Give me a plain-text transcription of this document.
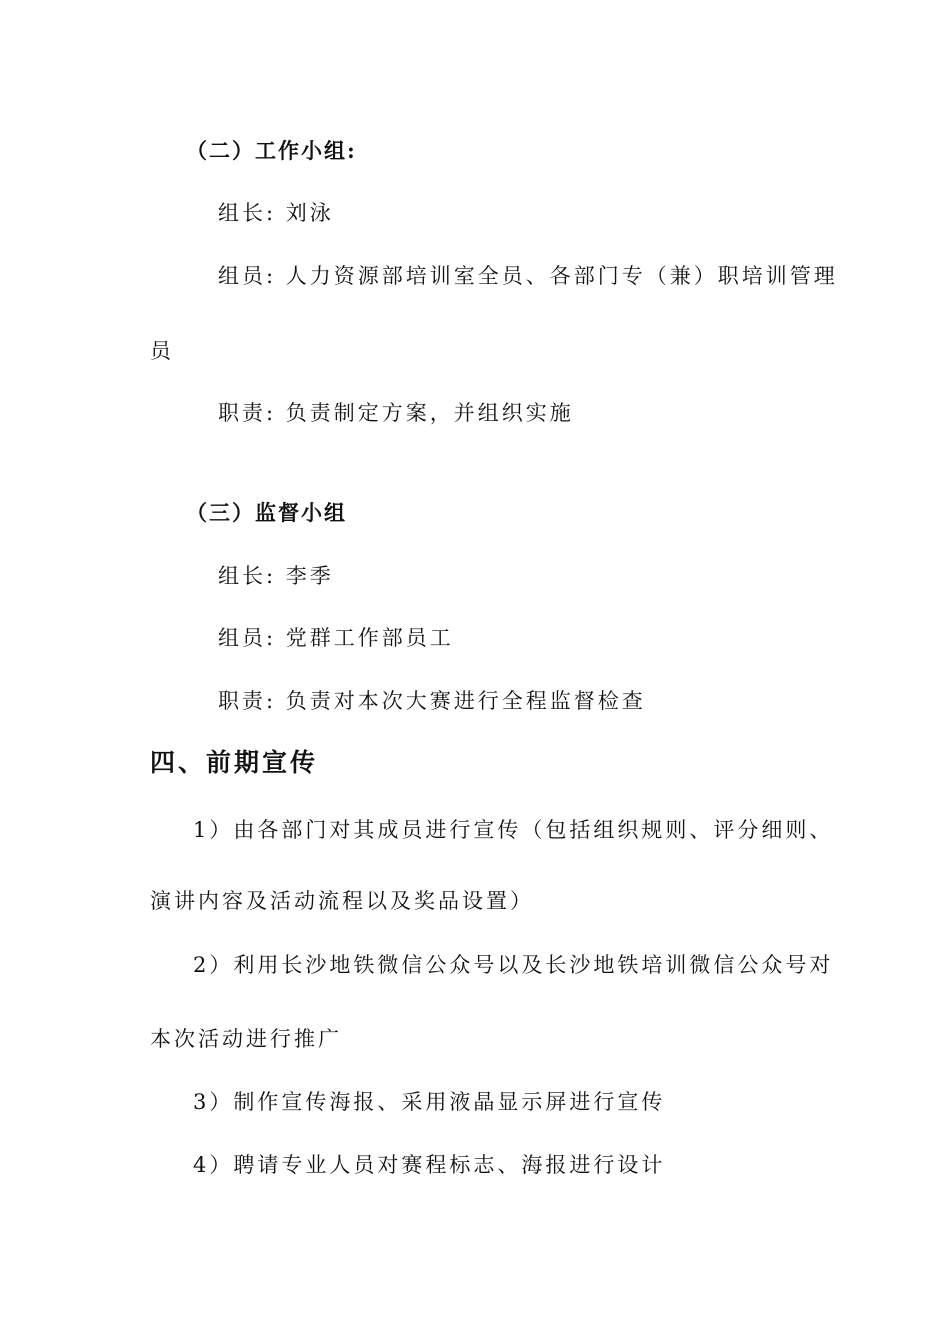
（二）工作小组:
组长: 刘泳
组员: 人力资源部培训室全员、各部门专（兼）职培训管理
员
职责: 负责制定方案，并组织实施
（三）监督小组
组长: 李季
组员: 党群工作部员工
职责: 负责对本次大赛进行全程监督检查
四、前期宣传
1）由各部门对其成员进行宣传（包括组织规则、评分细则、
演讲内容及活动流程以及奖品设置）
2）利用长沙地铁微信公众号以及长沙地铁培训微信公众号对
本次活动进行推广
3）制作宣传海报、采用液晶显示屏进行宣传
4）聘请专业人员对赛程标志、海报进行设计
